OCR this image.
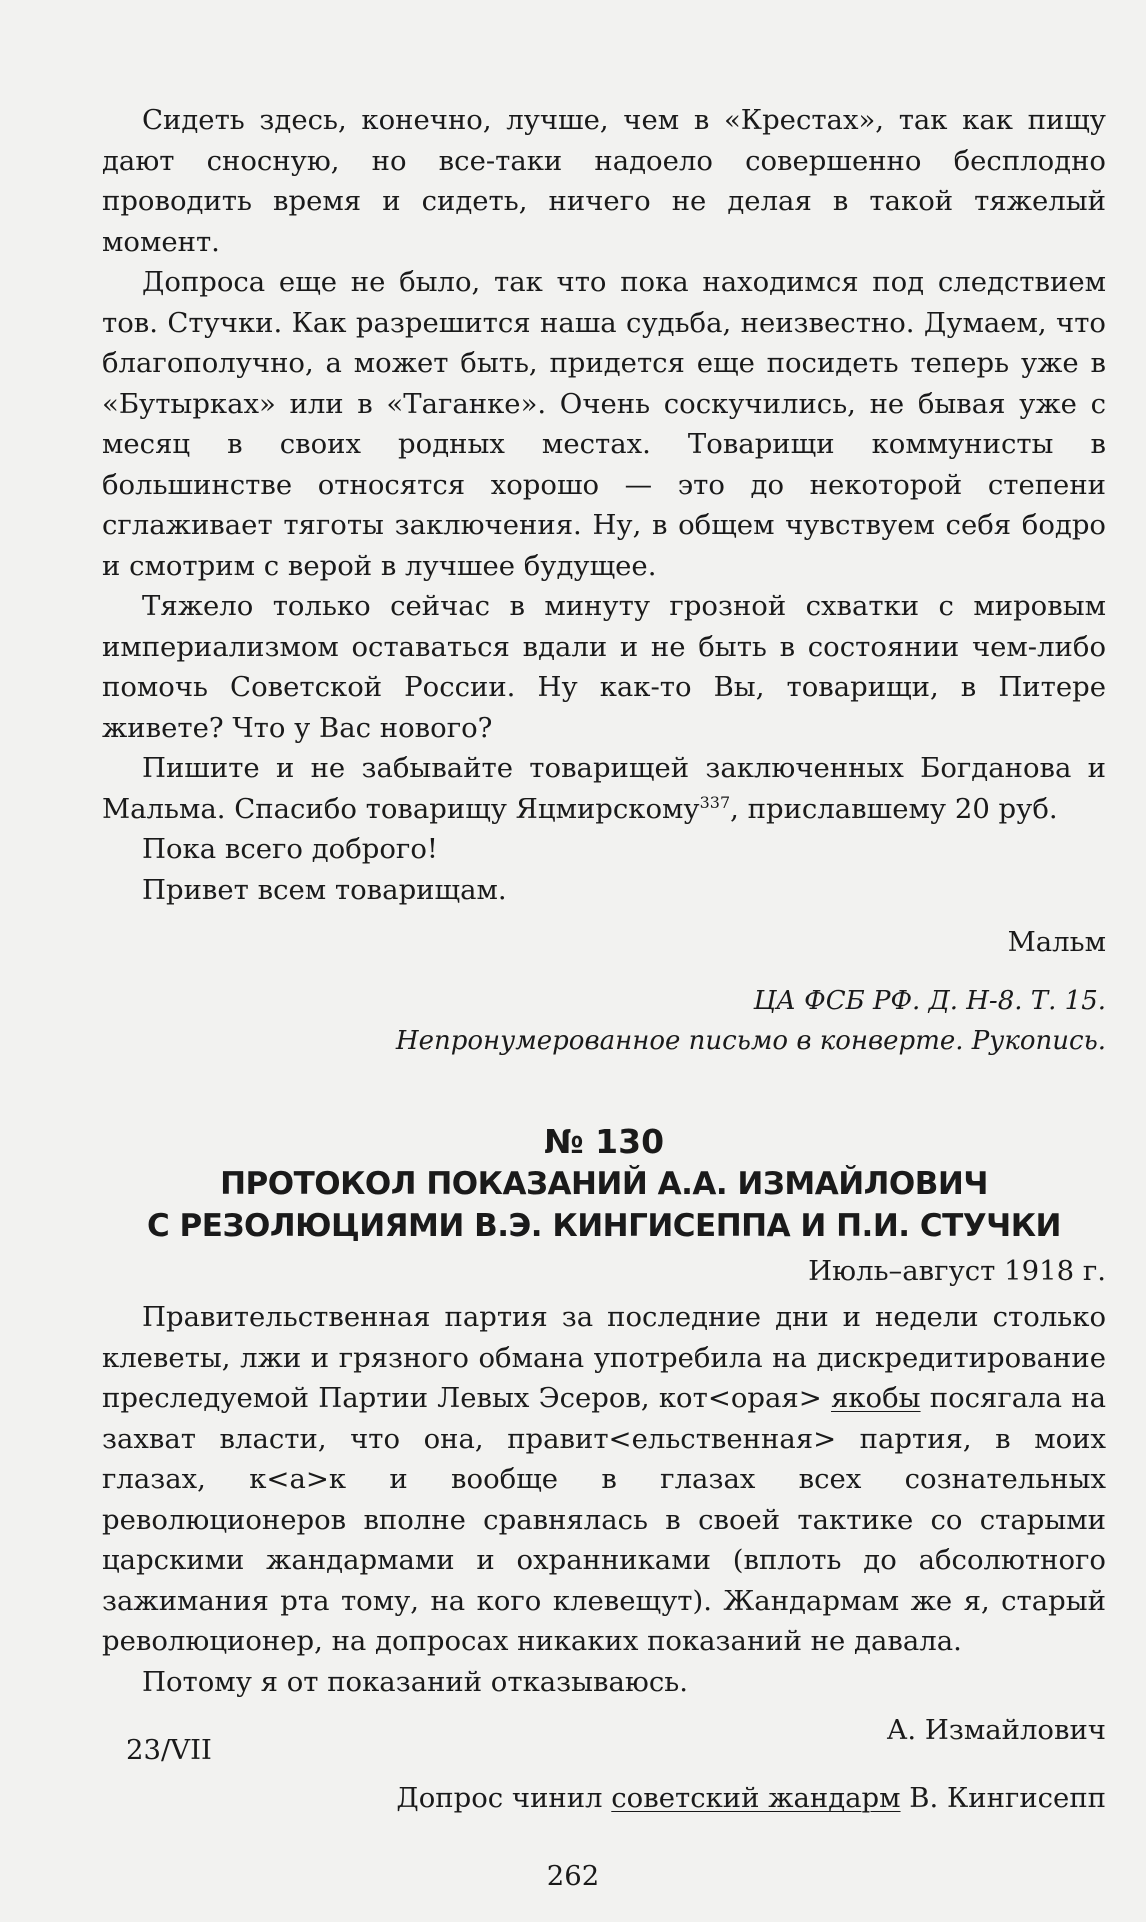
Сидеть здесь, конечно, лучше, чем в «Крестах», так как пищу дают сносную, но все-таки надоело совершенно бесплодно проводить время и сидеть, ничего не делая в такой тяжелый момент.

Допроса еще не было, так что пока находимся под следствием тов. Стучки. Как разрешится наша судьба, неизвестно. Думаем, что благополучно, а может быть, придется еще посидеть теперь уже в «Бутырках» или в «Таганке». Очень соскучились, не бывая уже с месяц в своих родных местах. Товарищи коммунисты в большинстве относятся хорошо — это до некоторой степени сглаживает тяготы заключения. Ну, в общем чувствуем себя бодро и смотрим с верой в лучшее будущее.

Тяжело только сейчас в минуту грозной схватки с мировым империализмом оставаться вдали и не быть в состоянии чем-либо помочь Советской России. Ну как-то Вы, товарищи, в Питере живете? Что у Вас нового?

Пишите и не забывайте товарищей заключенных Богданова и Мальма. Спасибо товарищу Яцмирскому$^{337}$, приславшему 20 руб.

Пока всего доброго!

Привет всем товарищам.

Мальм

ЦА ФСБ РФ. Д. Н-8. Т. 15.

Непронумерованное письмо в конверте. Рукопись.

№ 130

ПРОТОКОЛ ПОКАЗАНИЙ А.А. ИЗМАЙЛОВИЧ

С РЕЗОЛЮЦИЯМИ В.Э. КИНГИСЕППА И П.И. СТУЧКИ

Июль–август 1918 г.

Правительственная партия за последние дни и недели столько клеветы, лжи и грязного обмана употребила на дискредитирование преследуемой Партии Левых Эсеров, кот<орая> якобы посягала на захват власти, что она, правит<ельственная> партия, в моих глазах, к<а>к и вообще в глазах всех сознательных революционеров вполне сравнялась в своей тактике со старыми царскими жандармами и охранниками (вплоть до абсолютного зажимания рта тому, на кого клевещут). Жандармам же я, старый революционер, на допросах никаких показаний не давала.

Потому я от показаний отказываюсь.

А. Измайлович
23/VII

Допрос чинил советский жандарм В. Кингисепп

262
